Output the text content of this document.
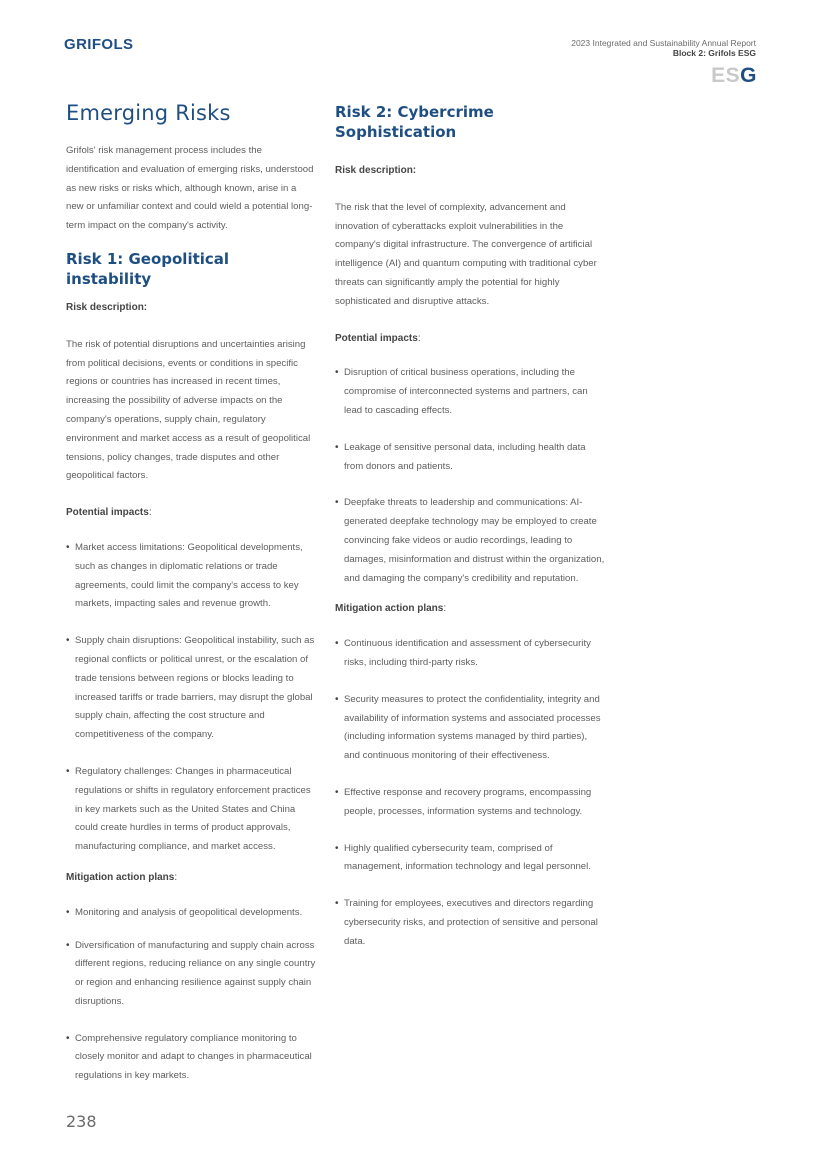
GRIFOLS	2023 Integrated and Sustainability Annual Report
Block 2: Grifols ESG
ESG
Emerging Risks

Grifols' risk management process includes the identification and evaluation of emerging risks, understood as new risks or risks which, although known, arise in a new or unfamiliar context and could wield a potential long-term impact on the company's activity.

Risk 1: Geopolitical instability

Risk description:

The risk of potential disruptions and uncertainties arising from political decisions, events or conditions in specific regions or countries has increased in recent times, increasing the possibility of adverse impacts on the company's operations, supply chain, regulatory environment and market access as a result of geopolitical tensions, policy changes, trade disputes and other geopolitical factors.

Potential impacts:

• Market access limitations: Geopolitical developments, such as changes in diplomatic relations or trade agreements, could limit the company's access to key markets, impacting sales and revenue growth.
• Supply chain disruptions: Geopolitical instability, such as regional conflicts or political unrest, or the escalation of trade tensions between regions or blocks leading to increased tariffs or trade barriers, may disrupt the global supply chain, affecting the cost structure and competitiveness of the company.
• Regulatory challenges: Changes in pharmaceutical regulations or shifts in regulatory enforcement practices in key markets such as the United States and China could create hurdles in terms of product approvals, manufacturing compliance, and market access.

Mitigation action plans:

• Monitoring and analysis of geopolitical developments.
• Diversification of manufacturing and supply chain across different regions, reducing reliance on any single country or region and enhancing resilience against supply chain disruptions.
• Comprehensive regulatory compliance monitoring to closely monitor and adapt to changes in pharmaceutical regulations in key markets.
Risk 2: Cybercrime Sophistication

Risk description:

The risk that the level of complexity, advancement and innovation of cyberattacks exploit vulnerabilities in the company's digital infrastructure. The convergence of artificial intelligence (AI) and quantum computing with traditional cyber threats can significantly amply the potential for highly sophisticated and disruptive attacks.

Potential impacts:

• Disruption of critical business operations, including the compromise of interconnected systems and partners, can lead to cascading effects.
• Leakage of sensitive personal data, including health data from donors and patients.
• Deepfake threats to leadership and communications: AI-generated deepfake technology may be employed to create convincing fake videos or audio recordings, leading to damages, misinformation and distrust within the organization, and damaging the company's credibility and reputation.

Mitigation action plans:

• Continuous identification and assessment of cybersecurity risks, including third-party risks.
• Security measures to protect the confidentiality, integrity and availability of information systems and associated processes (including information systems managed by third parties), and continuous monitoring of their effectiveness.
• Effective response and recovery programs, encompassing people, processes, information systems and technology.
• Highly qualified cybersecurity team, comprised of management, information technology and legal personnel.
• Training for employees, executives and directors regarding cybersecurity risks, and protection of sensitive and personal data.
238
